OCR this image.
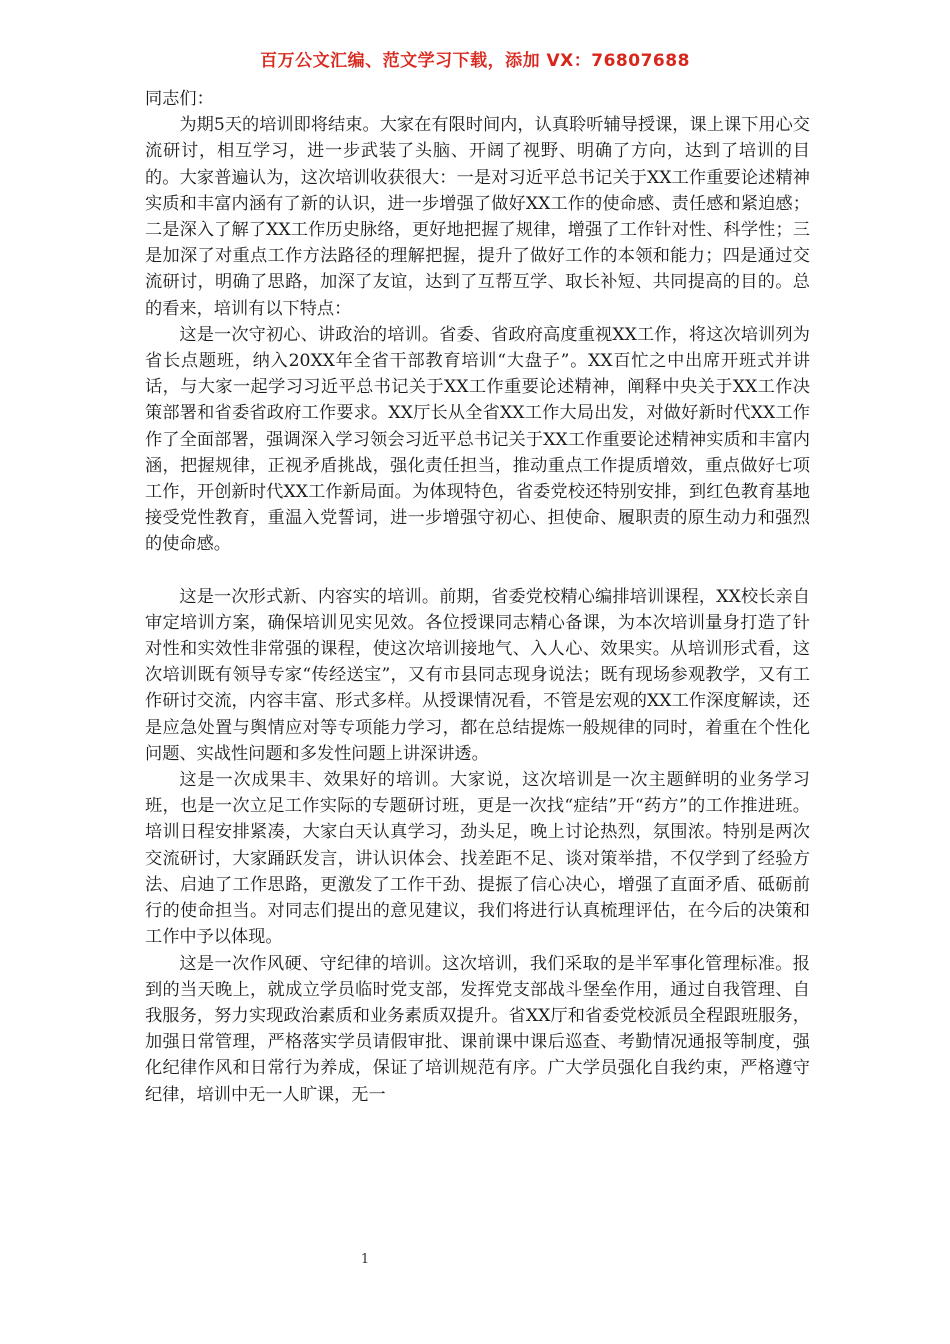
百万公文汇编、范文学习下载，添加 VX：76807688

同志们：

为期5天的培训即将结束。大家在有限时间内，认真聆听辅导授课，课上课下用心交流研讨，相互学习，进一步武装了头脑、开阔了视野、明确了方向，达到了培训的目的。大家普遍认为，这次培训收获很大：一是对习近平总书记关于XX工作重要论述精神实质和丰富内涵有了新的认识，进一步增强了做好XX工作的使命感、责任感和紧迫感；二是深入了解了XX工作历史脉络，更好地把握了规律，增强了工作针对性、科学性；三是加深了对重点工作方法路径的理解把握，提升了做好工作的本领和能力；四是通过交流研讨，明确了思路，加深了友谊，达到了互帮互学、取长补短、共同提高的目的。总的看来，培训有以下特点：

这是一次守初心、讲政治的培训。省委、省政府高度重视XX工作，将这次培训列为省长点题班，纳入20XX年全省干部教育培训“大盘子”。XX百忙之中出席开班式并讲话，与大家一起学习习近平总书记关于XX工作重要论述精神，阐释中央关于XX工作决策部署和省委省政府工作要求。XX厅长从全省XX工作大局出发，对做好新时代XX工作作了全面部署，强调深入学习领会习近平总书记关于XX工作重要论述精神实质和丰富内涵，把握规律，正视矛盾挑战，强化责任担当，推动重点工作提质增效，重点做好七项工作，开创新时代XX工作新局面。为体现特色，省委党校还特别安排，到红色教育基地接受党性教育，重温入党誓词，进一步增强守初心、担使命、履职责的原生动力和强烈的使命感。

这是一次形式新、内容实的培训。前期，省委党校精心编排培训课程，XX校长亲自审定培训方案，确保培训见实见效。各位授课同志精心备课，为本次培训量身打造了针对性和实效性非常强的课程，使这次培训接地气、入人心、效果实。从培训形式看，这次培训既有领导专家“传经送宝”，又有市县同志现身说法；既有现场参观教学，又有工作研讨交流，内容丰富、形式多样。从授课情况看，不管是宏观的XX工作深度解读，还是应急处置与舆情应对等专项能力学习，都在总结提炼一般规律的同时，着重在个性化问题、实战性问题和多发性问题上讲深讲透。

这是一次成果丰、效果好的培训。大家说，这次培训是一次主题鲜明的业务学习班，也是一次立足工作实际的专题研讨班，更是一次找“症结”开“药方”的工作推进班。培训日程安排紧凑，大家白天认真学习，劲头足，晚上讨论热烈，氛围浓。特别是两次交流研讨，大家踊跃发言，讲认识体会、找差距不足、谈对策举措，不仅学到了经验方法、启迪了工作思路，更激发了工作干劲、提振了信心决心，增强了直面矛盾、砥砺前行的使命担当。对同志们提出的意见建议，我们将进行认真梳理评估，在今后的决策和工作中予以体现。

这是一次作风硬、守纪律的培训。这次培训，我们采取的是半军事化管理标准。报到的当天晚上，就成立学员临时党支部，发挥党支部战斗堡垒作用，通过自我管理、自我服务，努力实现政治素质和业务素质双提升。省XX厅和省委党校派员全程跟班服务，加强日常管理，严格落实学员请假审批、课前课中课后巡查、考勤情况通报等制度，强化纪律作风和日常行为养成，保证了培训规范有序。广大学员强化自我约束，严格遵守纪律，培训中无一人旷课，无一

1
